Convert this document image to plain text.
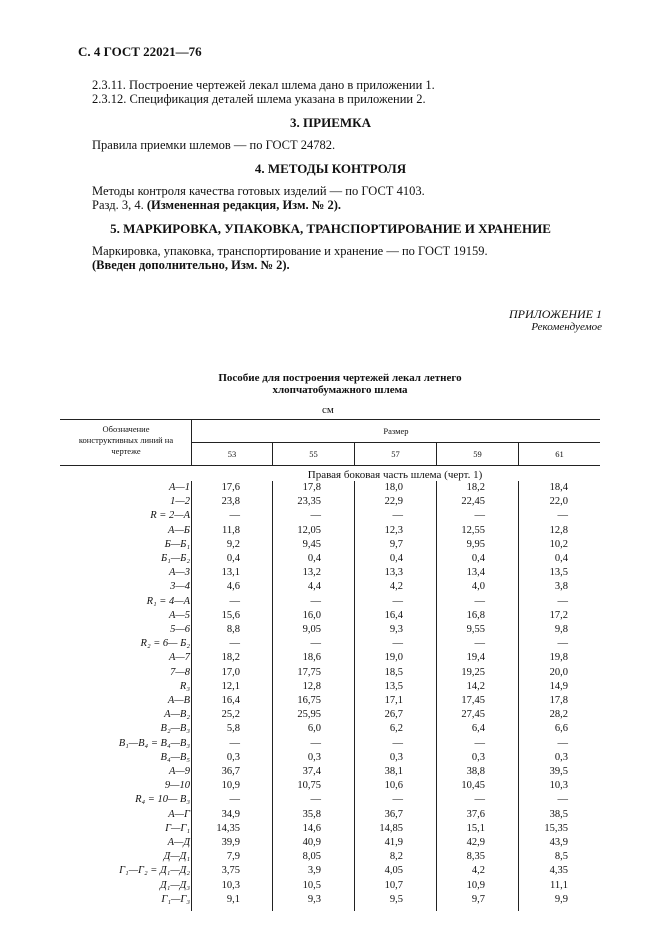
С. 4 ГОСТ 22021—76
2.3.11. Построение чертежей лекал шлема дано в приложении 1.
2.3.12. Спецификация деталей шлема указана в приложении 2.
3. ПРИЕМКА
Правила приемки шлемов — по ГОСТ 24782.
4. МЕТОДЫ КОНТРОЛЯ
Методы контроля качества готовых изделий — по ГОСТ 4103.
Разд. 3, 4. (Измененная редакция, Изм. № 2).
5. МАРКИРОВКА, УПАКОВКА, ТРАНСПОРТИРОВАНИЕ И ХРАНЕНИЕ
Маркировка, упаковка, транспортирование и хранение — по ГОСТ 19159.
(Введен дополнительно, Изм. № 2).
ПРИЛОЖЕНИЕ 1
Рекомендуемое
Пособие для построения чертежей лекал летнего
хлопчатобумажного шлема
см
Обозначение
конструктивных линий на
чертеже
Размер
53	55	57	59	61
Правая боковая часть шлема (черт. 1)
А—1	17,6	17,8	18,0	18,2	18,4
1—2	23,8	23,35	22,9	22,45	22,0
R = 2—А	—	—	—	—	—
А—Б	11,8	12,05	12,3	12,55	12,8
Б—Б₁	9,2	9,45	9,7	9,95	10,2
Б₁—Б₂	0,4	0,4	0,4	0,4	0,4
А—3	13,1	13,2	13,3	13,4	13,5
3—4	4,6	4,4	4,2	4,0	3,8
R₁ = 4—А	—	—	—	—	—
А—5	15,6	16,0	16,4	16,8	17,2
5—6	8,8	9,05	9,3	9,55	9,8
R₂ = 6— Б₂	—	—	—	—	—
А—7	18,2	18,6	19,0	19,4	19,8
7—8	17,0	17,75	18,5	19,25	20,0
R₃	12,1	12,8	13,5	14,2	14,9
А—В	16,4	16,75	17,1	17,45	17,8
А—В₂	25,2	25,95	26,7	27,45	28,2
В₂—В₃	5,8	6,0	6,2	6,4	6,6
В₁—В₄ = В₄—В₃	—	—	—	—	—
В₄—В₅	0,3	0,3	0,3	0,3	0,3
А—9	36,7	37,4	38,1	38,8	39,5
9—10	10,9	10,75	10,6	10,45	10,3
R₄ = 10— В₃	—	—	—	—	—
А—Г	34,9	35,8	36,7	37,6	38,5
Г—Г₁	14,35	14,6	14,85	15,1	15,35
А—Д	39,9	40,9	41,9	42,9	43,9
Д—Д₁	7,9	8,05	8,2	8,35	8,5
Г₁—Г₂ = Д₁—Д₂	3,75	3,9	4,05	4,2	4,35
Д₁—Д₃	10,3	10,5	10,7	10,9	11,1
Г₁—Г₃	9,1	9,3	9,5	9,7	9,9
